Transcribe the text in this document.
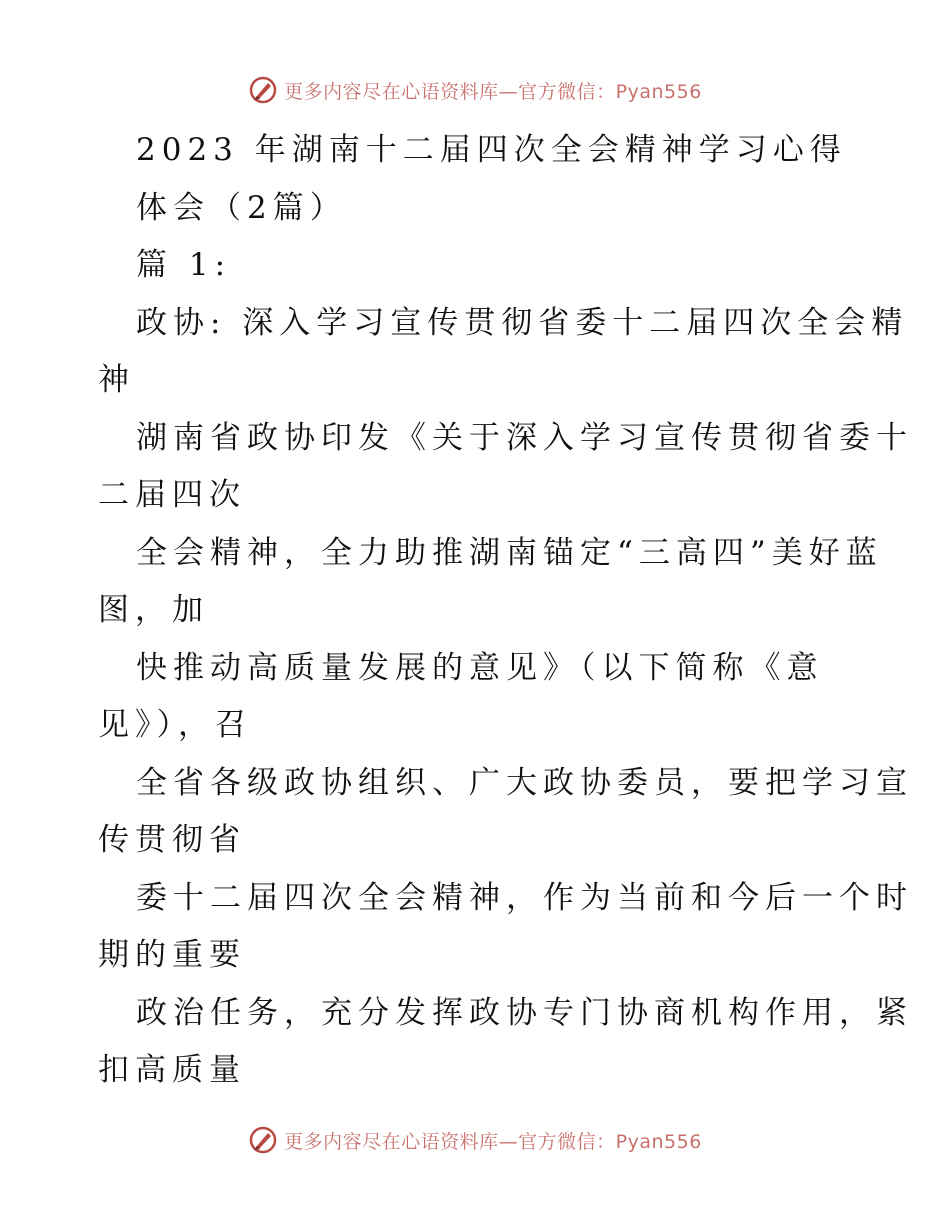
更多内容尽在心语资料库—官方微信：Pyan556
2023 年湖南十二届四次全会精神学习心得
体会（2篇）
篇 1:
政协: 深入学习宣传贯彻省委十二届四次全会精
神
湖南省政协印发《关于深入学习宣传贯彻省委十
二届四次
全会精神，全力助推湖南锚定“三高四”美好蓝
图，加
快推动高质量发展的意见》（以下简称《意
见》），召
全省各级政协组织、广大政协委员，要把学习宣
传贯彻省
委十二届四次全会精神，作为当前和今后一个时
期的重要
政治任务，充分发挥政协专门协商机构作用，紧
扣高质量
更多内容尽在心语资料库—官方微信：Pyan556
